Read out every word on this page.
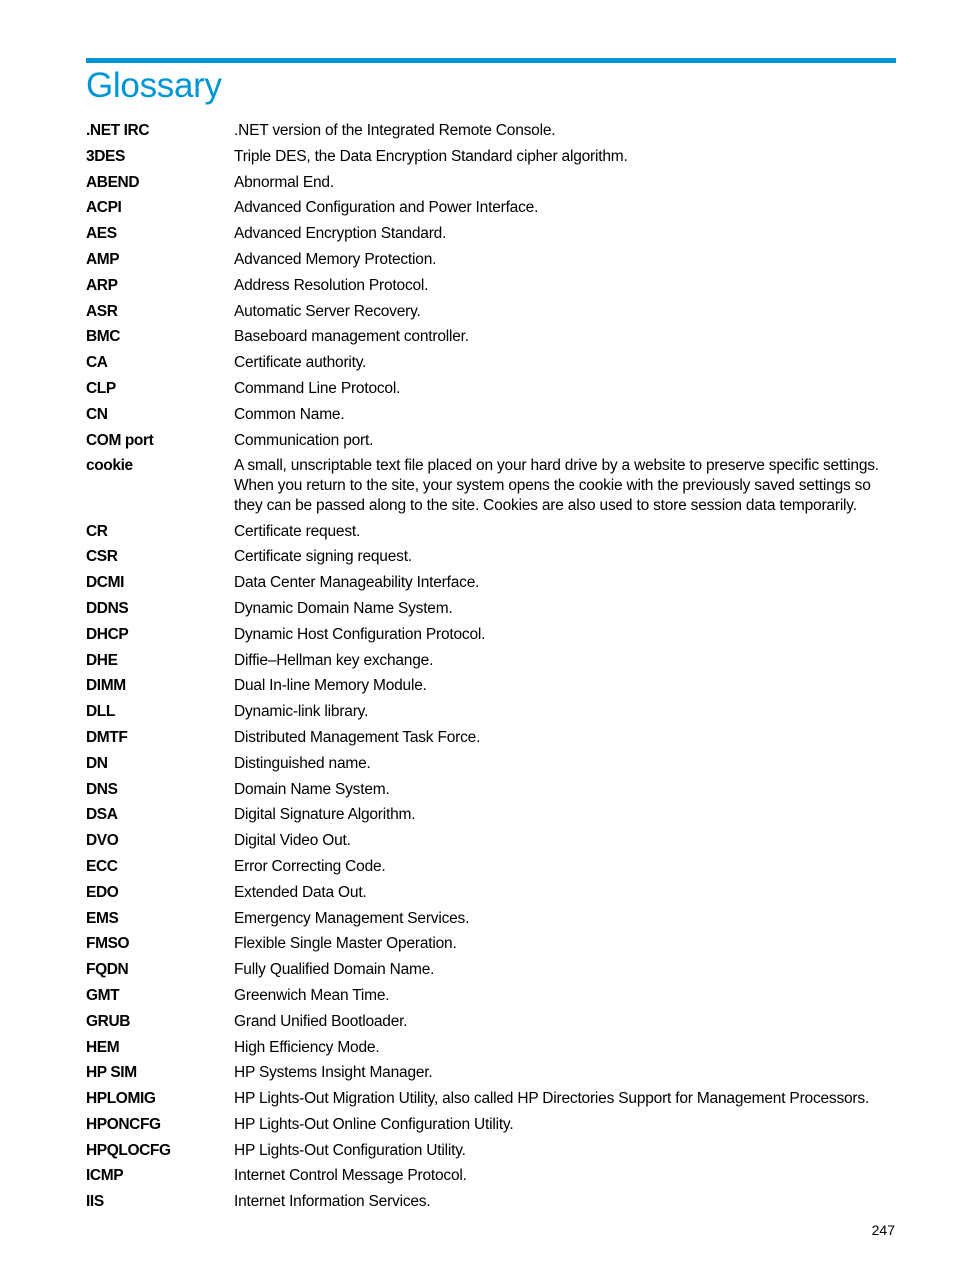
Glossary
.NET IRC	.NET version of the Integrated Remote Console.
3DES	Triple DES, the Data Encryption Standard cipher algorithm.
ABEND	Abnormal End.
ACPI	Advanced Configuration and Power Interface.
AES	Advanced Encryption Standard.
AMP	Advanced Memory Protection.
ARP	Address Resolution Protocol.
ASR	Automatic Server Recovery.
BMC	Baseboard management controller.
CA	Certificate authority.
CLP	Command Line Protocol.
CN	Common Name.
COM port	Communication port.
cookie	A small, unscriptable text file placed on your hard drive by a website to preserve specific settings. When you return to the site, your system opens the cookie with the previously saved settings so they can be passed along to the site. Cookies are also used to store session data temporarily.
CR	Certificate request.
CSR	Certificate signing request.
DCMI	Data Center Manageability Interface.
DDNS	Dynamic Domain Name System.
DHCP	Dynamic Host Configuration Protocol.
DHE	Diffie–Hellman key exchange.
DIMM	Dual In-line Memory Module.
DLL	Dynamic-link library.
DMTF	Distributed Management Task Force.
DN	Distinguished name.
DNS	Domain Name System.
DSA	Digital Signature Algorithm.
DVO	Digital Video Out.
ECC	Error Correcting Code.
EDO	Extended Data Out.
EMS	Emergency Management Services.
FMSO	Flexible Single Master Operation.
FQDN	Fully Qualified Domain Name.
GMT	Greenwich Mean Time.
GRUB	Grand Unified Bootloader.
HEM	High Efficiency Mode.
HP SIM	HP Systems Insight Manager.
HPLOMIG	HP Lights-Out Migration Utility, also called HP Directories Support for Management Processors.
HPONCFG	HP Lights-Out Online Configuration Utility.
HPQLOCFG	HP Lights-Out Configuration Utility.
ICMP	Internet Control Message Protocol.
IIS	Internet Information Services.
247
